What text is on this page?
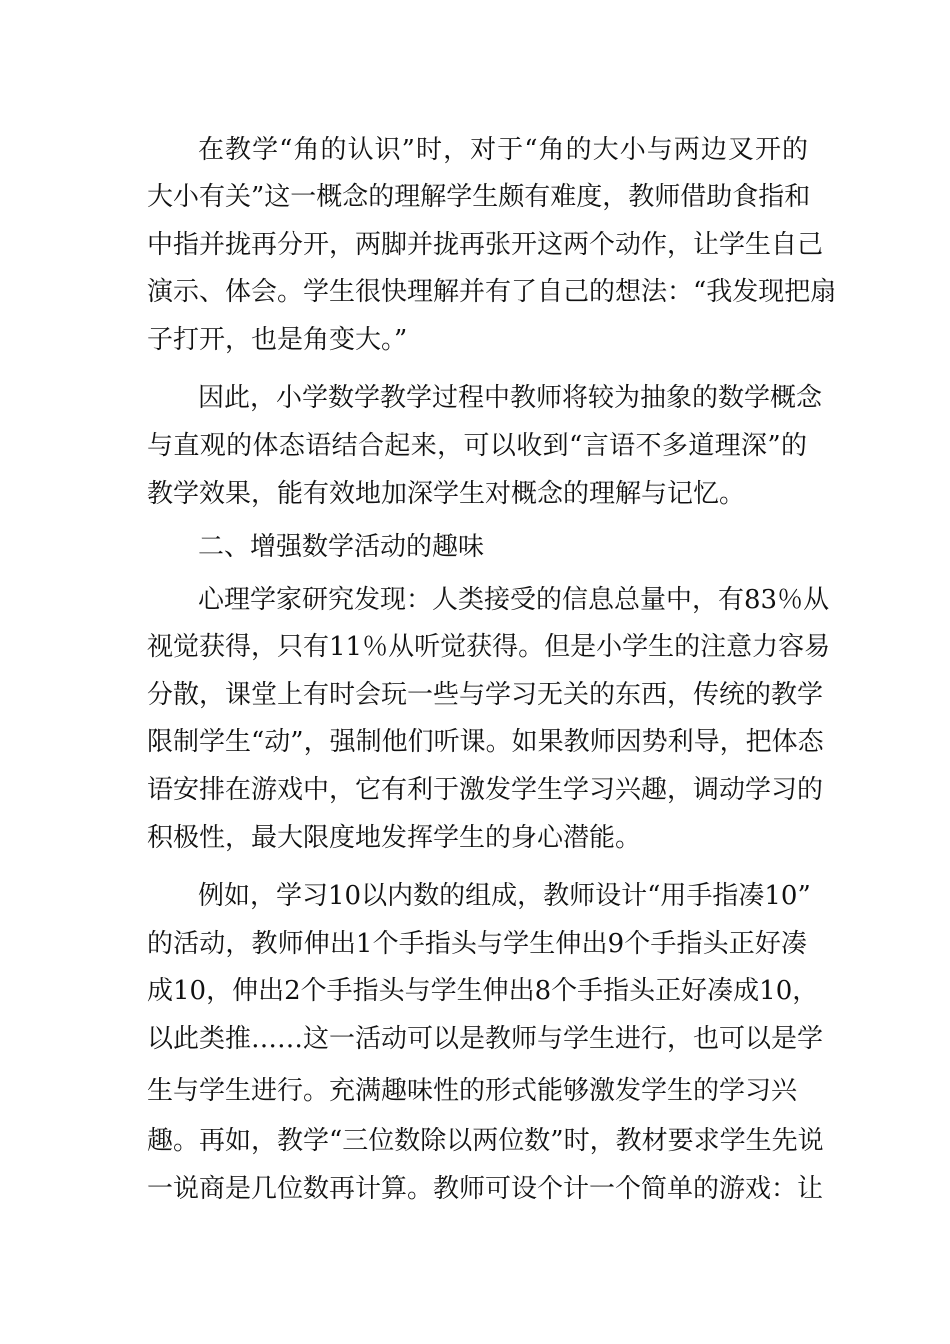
在教学“角的认识”时，对于“角的大小与两边叉开的
大小有关”这一概念的理解学生颇有难度，教师借助食指和
中指并拢再分开，两脚并拢再张开这两个动作，让学生自己
演示、体会。学生很快理解并有了自己的想法：“我发现把扇
子打开，也是角变大。”
因此，小学数学教学过程中教师将较为抽象的数学概念
与直观的体态语结合起来，可以收到“言语不多道理深”的
教学效果，能有效地加深学生对概念的理解与记忆。
二、增强数学活动的趣味
心理学家研究发现：人类接受的信息总量中，有83％从
视觉获得，只有11％从听觉获得。但是小学生的注意力容易
分散，课堂上有时会玩一些与学习无关的东西，传统的教学
限制学生“动”，强制他们听课。如果教师因势利导，把体态
语安排在游戏中，它有利于激发学生学习兴趣，调动学习的
积极性，最大限度地发挥学生的身心潜能。
例如，学习10以内数的组成，教师设计“用手指凑10”
的活动，教师伸出1个手指头与学生伸出9个手指头正好凑
成10，伸出2个手指头与学生伸出8个手指头正好凑成10，
以此类推……这一活动可以是教师与学生进行，也可以是学
生与学生进行。充满趣味性的形式能够激发学生的学习兴
趣。再如，教学“三位数除以两位数”时，教材要求学生先说
一说商是几位数再计算。教师可设个计一个简单的游戏：让
